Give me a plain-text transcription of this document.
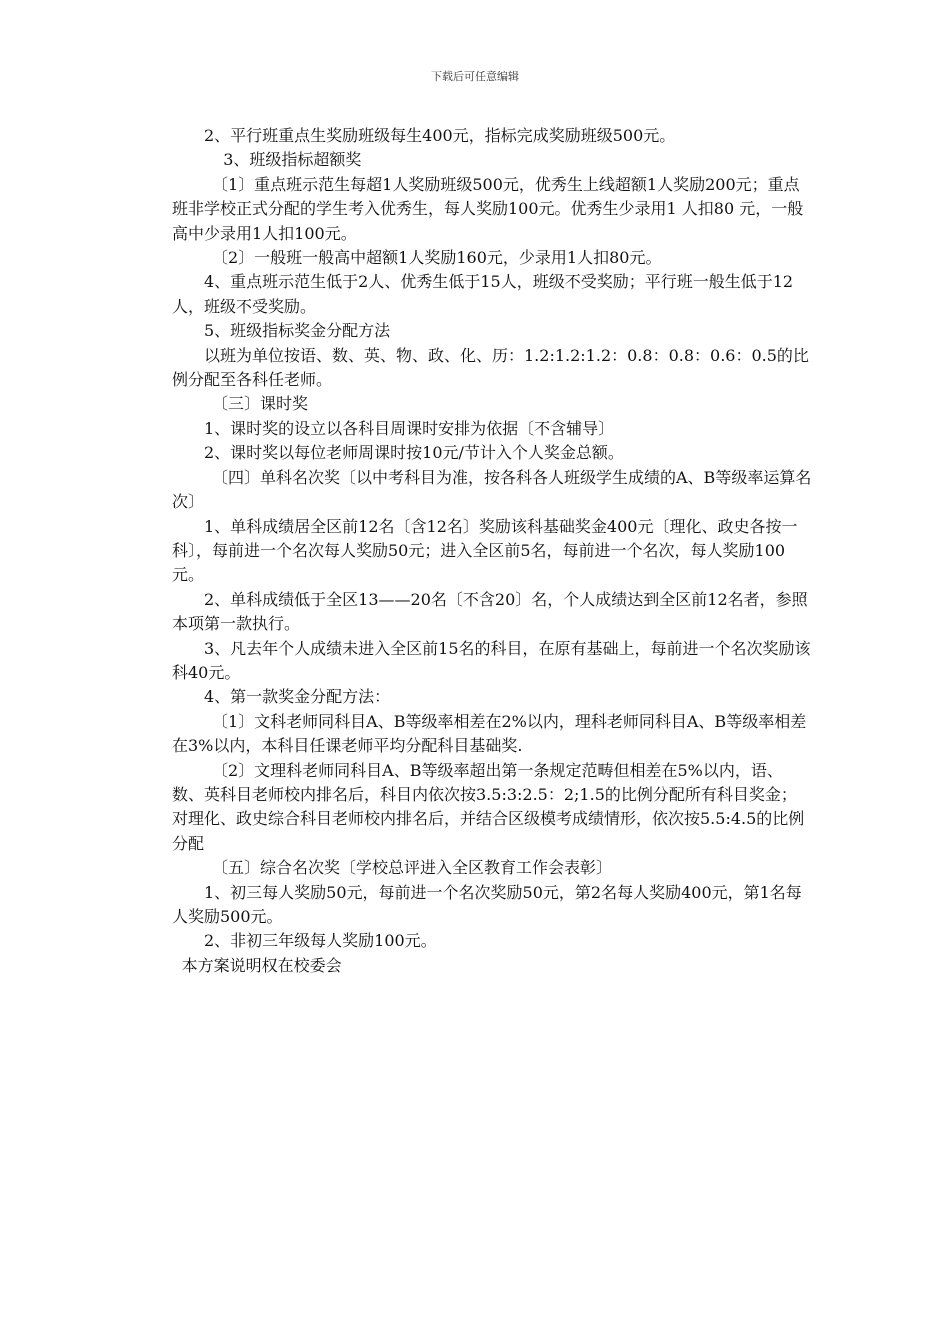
下载后可任意编辑

2、平行班重点生奖励班级每生400元，指标完成奖励班级500元。

3、班级指标超额奖

〔1〕重点班示范生每超1人奖励班级500元，优秀生上线超额1人奖励200元；重点班非学校正式分配的学生考入优秀生，每人奖励100元。优秀生少录用1 人扣80 元，一般高中少录用1人扣100元。

〔2〕一般班一般高中超额1人奖励160元，少录用1人扣80元。

4、重点班示范生低于2人、优秀生低于15人，班级不受奖励；平行班一般生低于12人，班级不受奖励。

5、班级指标奖金分配方法

以班为单位按语、数、英、物、政、化、历：1.2:1.2:1.2：0.8：0.8：0.6：0.5的比例分配至各科任老师。

〔三〕课时奖

1、课时奖的设立以各科目周课时安排为依据〔不含辅导〕

2、课时奖以每位老师周课时按10元/节计入个人奖金总额。

〔四〕单科名次奖〔以中考科目为准，按各科各人班级学生成绩的A、B等级率运算名次〕

1、单科成绩居全区前12名〔含12名〕奖励该科基础奖金400元〔理化、政史各按一科〕，每前进一个名次每人奖励50元；进入全区前5名，每前进一个名次，每人奖励100元。

2、单科成绩低于全区13——20名〔不含20〕名，个人成绩达到全区前12名者，参照本项第一款执行。

3、凡去年个人成绩未进入全区前15名的科目，在原有基础上，每前进一个名次奖励该科40元。

4、第一款奖金分配方法：

〔1〕文科老师同科目A、B等级率相差在2%以内，理科老师同科目A、B等级率相差在3%以内，本科目任课老师平均分配科目基础奖.

〔2〕文理科老师同科目A、B等级率超出第一条规定范畴但相差在5%以内，语、数、英科目老师校内排名后，科目内依次按3.5:3:2.5：2;1.5的比例分配所有科目奖金；对理化、政史综合科目老师校内排名后，并结合区级模考成绩情形，依次按5.5:4.5的比例分配

〔五〕综合名次奖〔学校总评进入全区教育工作会表彰〕

1、初三每人奖励50元，每前进一个名次奖励50元，第2名每人奖励400元，第1名每人奖励500元。

2、非初三年级每人奖励100元。

本方案说明权在校委会
